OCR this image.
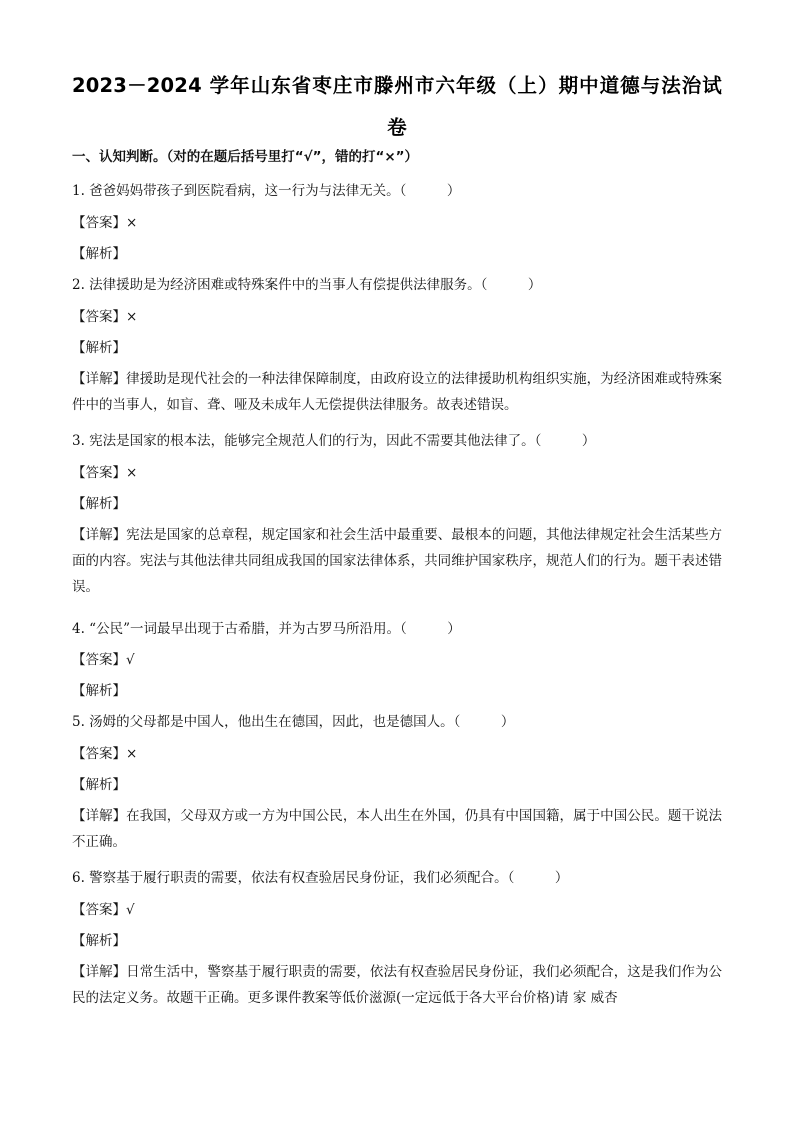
2023－2024 学年山东省枣庄市滕州市六年级（上）期中道德与法治试
卷
一、认知判断。（对的在题后括号里打“√”，错的打“×”）
1. 爸爸妈妈带孩子到医院看病，这一行为与法律无关。（　　　）
【答案】×
【解析】
2. 法律援助是为经济困难或特殊案件中的当事人有偿提供法律服务。（　　　）
【答案】×
【解析】
【详解】律援助是现代社会的一种法律保障制度，由政府设立的法律援助机构组织实施，为经济困难或特殊案件中的当事人，如盲、聋、哑及未成年人无偿提供法律服务。故表述错误。
3. 宪法是国家的根本法，能够完全规范人们的行为，因此不需要其他法律了。（　　　）
【答案】×
【解析】
【详解】宪法是国家的总章程，规定国家和社会生活中最重要、最根本的问题，其他法律规定社会生活某些方面的内容。宪法与其他法律共同组成我国的国家法律体系，共同维护国家秩序，规范人们的行为。题干表述错误。
4. “公民”一词最早出现于古希腊，并为古罗马所沿用。（　　　）
【答案】√
【解析】
5. 汤姆的父母都是中国人，他出生在德国，因此，也是德国人。（　　　）
【答案】×
【解析】
【详解】在我国，父母双方或一方为中国公民，本人出生在外国，仍具有中国国籍，属于中国公民。题干说法不正确。
6. 警察基于履行职责的需要，依法有权查验居民身份证，我们必须配合。（　　　）
【答案】√
【解析】
【详解】日常生活中，警察基于履行职责的需要，依法有权查验居民身份证，我们必须配合，这是我们作为公民的法定义务。故题干正确。更多课件教案等低价滋源(一定远低于各大平台价格)请 家 威杏
